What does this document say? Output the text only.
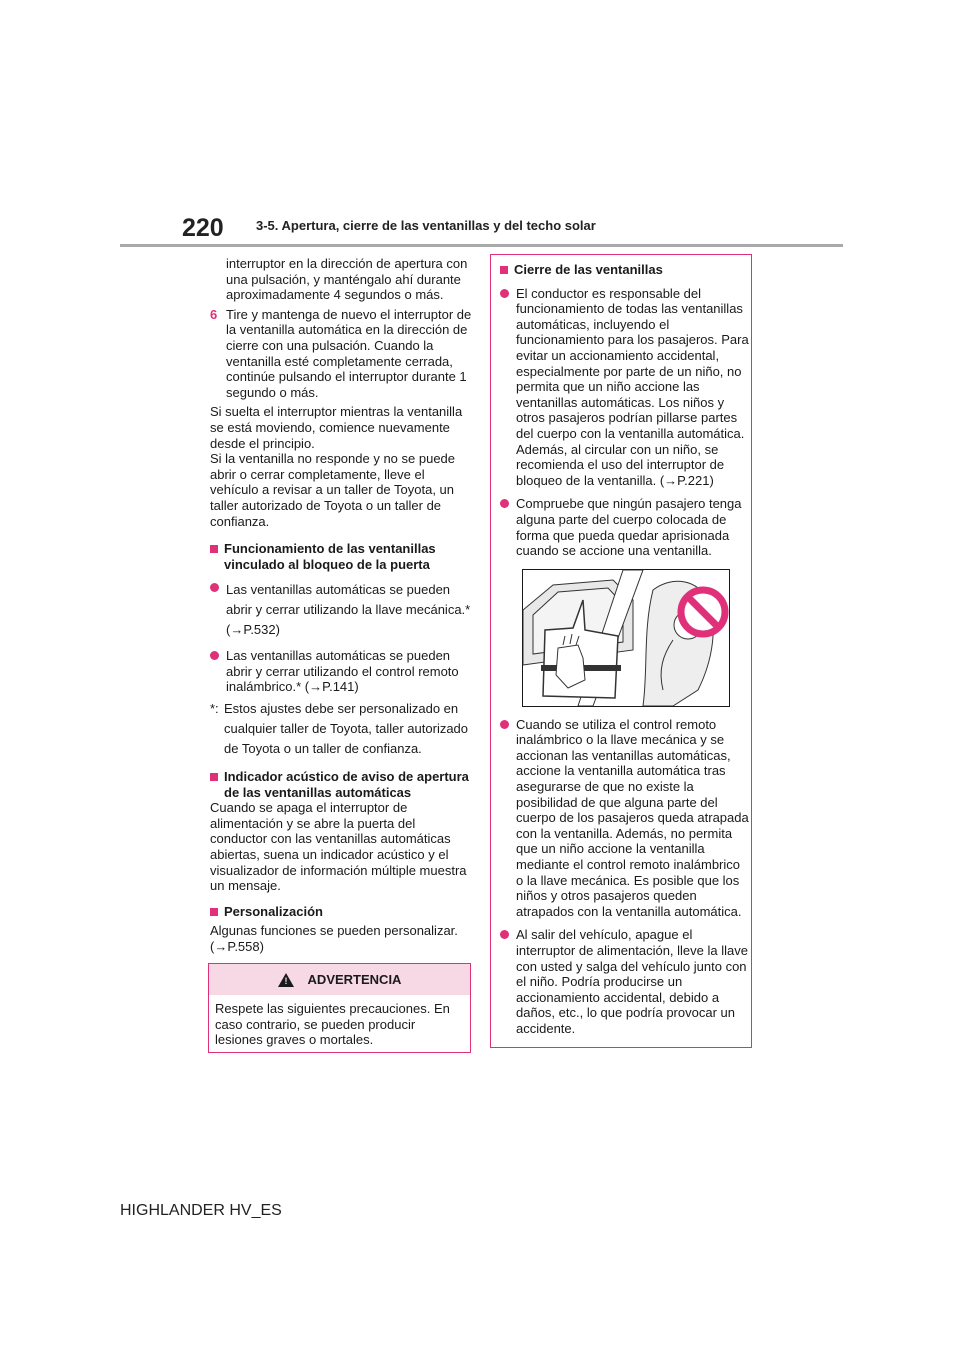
220 3-5. Apertura, cierre de las ventanillas y del techo solar

interruptor en la dirección de apertura con una pulsación, y manténgalo ahí durante aproximadamente 4 segundos o más.

6 Tire y mantenga de nuevo el interruptor de la ventanilla automática en la dirección de cierre con una pulsación. Cuando la ventanilla esté completamente cerrada, continúe pulsando el interruptor durante 1 segundo o más.

Si suelta el interruptor mientras la ventanilla se está moviendo, comience nuevamente desde el principio.

Si la ventanilla no responde y no se puede abrir o cerrar completamente, lleve el vehículo a revisar a un taller de Toyota, un taller autorizado de Toyota o un taller de confianza.

Funcionamiento de las ventanillas vinculado al bloqueo de la puerta
Las ventanillas automáticas se pueden abrir y cerrar utilizando la llave mecánica.* (→P.532)
Las ventanillas automáticas se pueden abrir y cerrar utilizando el control remoto inalámbrico.* (→P.141)
*: Estos ajustes debe ser personalizado en cualquier taller de Toyota, taller autorizado de Toyota o un taller de confianza.
Indicador acústico de aviso de apertura de las ventanillas automáticas

Cuando se apaga el interruptor de alimentación y se abre la puerta del conductor con las ventanillas automáticas abiertas, suena un indicador acústico y el visualizador de información múltiple muestra un mensaje.

Personalización

Algunas funciones se pueden personalizar. (→P.558)

! ADVERTENCIA
Respete las siguientes precauciones. En caso contrario, se pueden producir lesiones graves o mortales.
Cierre de las ventanillas
El conductor es responsable del funcionamiento de todas las ventanillas automáticas, incluyendo el funcionamiento para los pasajeros. Para evitar un accionamiento accidental, especialmente por parte de un niño, no permita que un niño accione las ventanillas automáticas. Los niños y otros pasajeros podrían pillarse partes del cuerpo con la ventanilla automática. Además, al circular con un niño, se recomienda el uso del interruptor de bloqueo de la ventanilla. (→P.221)
Compruebe que ningún pasajero tenga alguna parte del cuerpo colocada de forma que pueda quedar aprisionada cuando se accione una ventanilla.
Cuando se utiliza el control remoto inalámbrico o la llave mecánica y se accionan las ventanillas automáticas, accione la ventanilla automática tras asegurarse de que no existe la posibilidad de que alguna parte del cuerpo de los pasajeros queda atrapada con la ventanilla. Además, no permita que un niño accione la ventanilla mediante el control remoto inalámbrico o la llave mecánica. Es posible que los niños y otros pasajeros queden atrapados con la ventanilla automática.
Al salir del vehículo, apague el interruptor de alimentación, lleve la llave con usted y salga del vehículo junto con el niño. Podría producirse un accionamiento accidental, debido a daños, etc., lo que podría provocar un accidente.
HIGHLANDER HV_ES
